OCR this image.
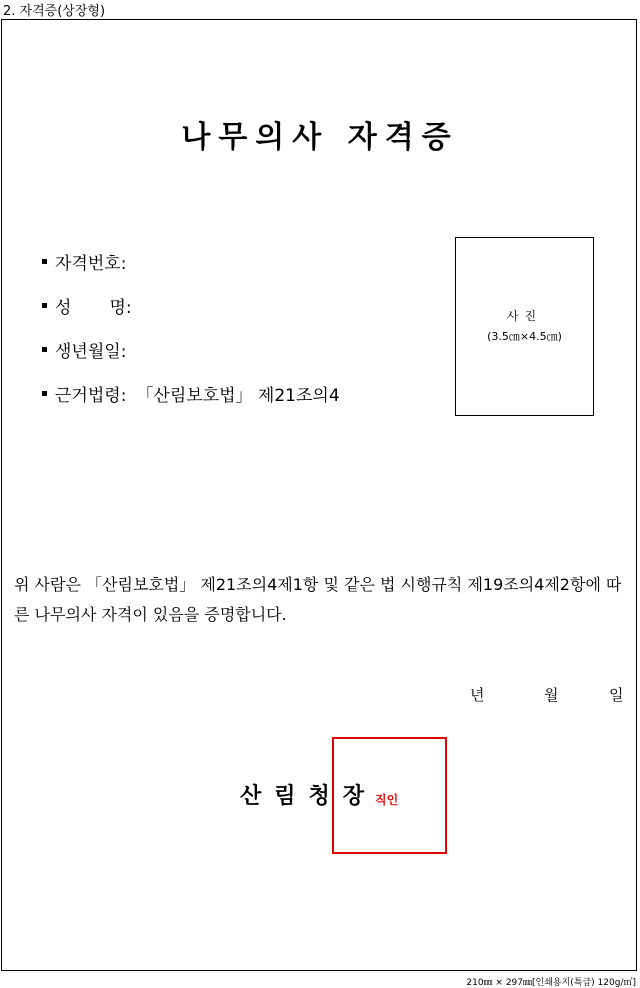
2. 자격증(상장형)
나무의사 자격증
자격번호:
성 명:
생년월일:
근거법령: 「산림보호법」 제21조의4
사진
(3.5㎝×4.5㎝)
위 사람은 「산림보호법」 제21조의4제1항 및 같은 법 시행규칙 제19조의4제2항에 따른 나무의사 자격이 있음을 증명합니다.
년	월	일
산림청장
직인
210㎜ × 297㎜[인쇄용지(특급) 120g/㎡]
